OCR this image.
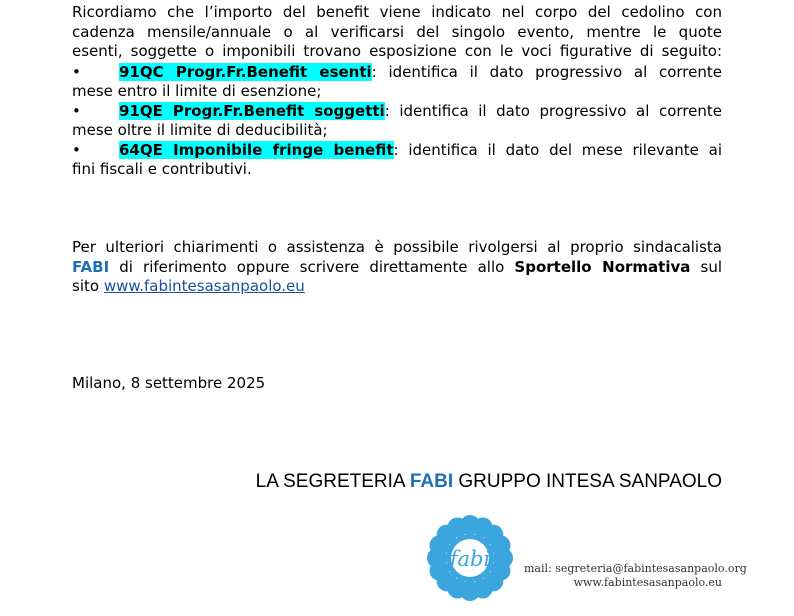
Ricordiamo che l’importo del benefit viene indicato nel corpo del cedolino con
cadenza mensile/annuale o al verificarsi del singolo evento, mentre le quote
esenti, soggette o imponibili trovano esposizione con le voci figurative di seguito:
•	91QC Progr.Fr.Benefit esenti: identifica il dato progressivo al corrente
mese entro il limite di esenzione;
•	91QE Progr.Fr.Benefit soggetti: identifica il dato progressivo al corrente
mese oltre il limite di deducibilità;
•	64QE Imponibile fringe benefit: identifica il dato del mese rilevante ai
fini fiscali e contributivi.
Per ulteriori chiarimenti o assistenza è possibile rivolgersi al proprio sindacalista
FABI di riferimento oppure scrivere direttamente allo Sportello Normativa sul
sito www.fabintesasanpaolo.eu
Milano, 8 settembre 2025
LA SEGRETERIA FABI GRUPPO INTESA SANPAOLO
fabi	mail: segreteria@fabintesasanpaolo.org
www.fabintesasanpaolo.eu
